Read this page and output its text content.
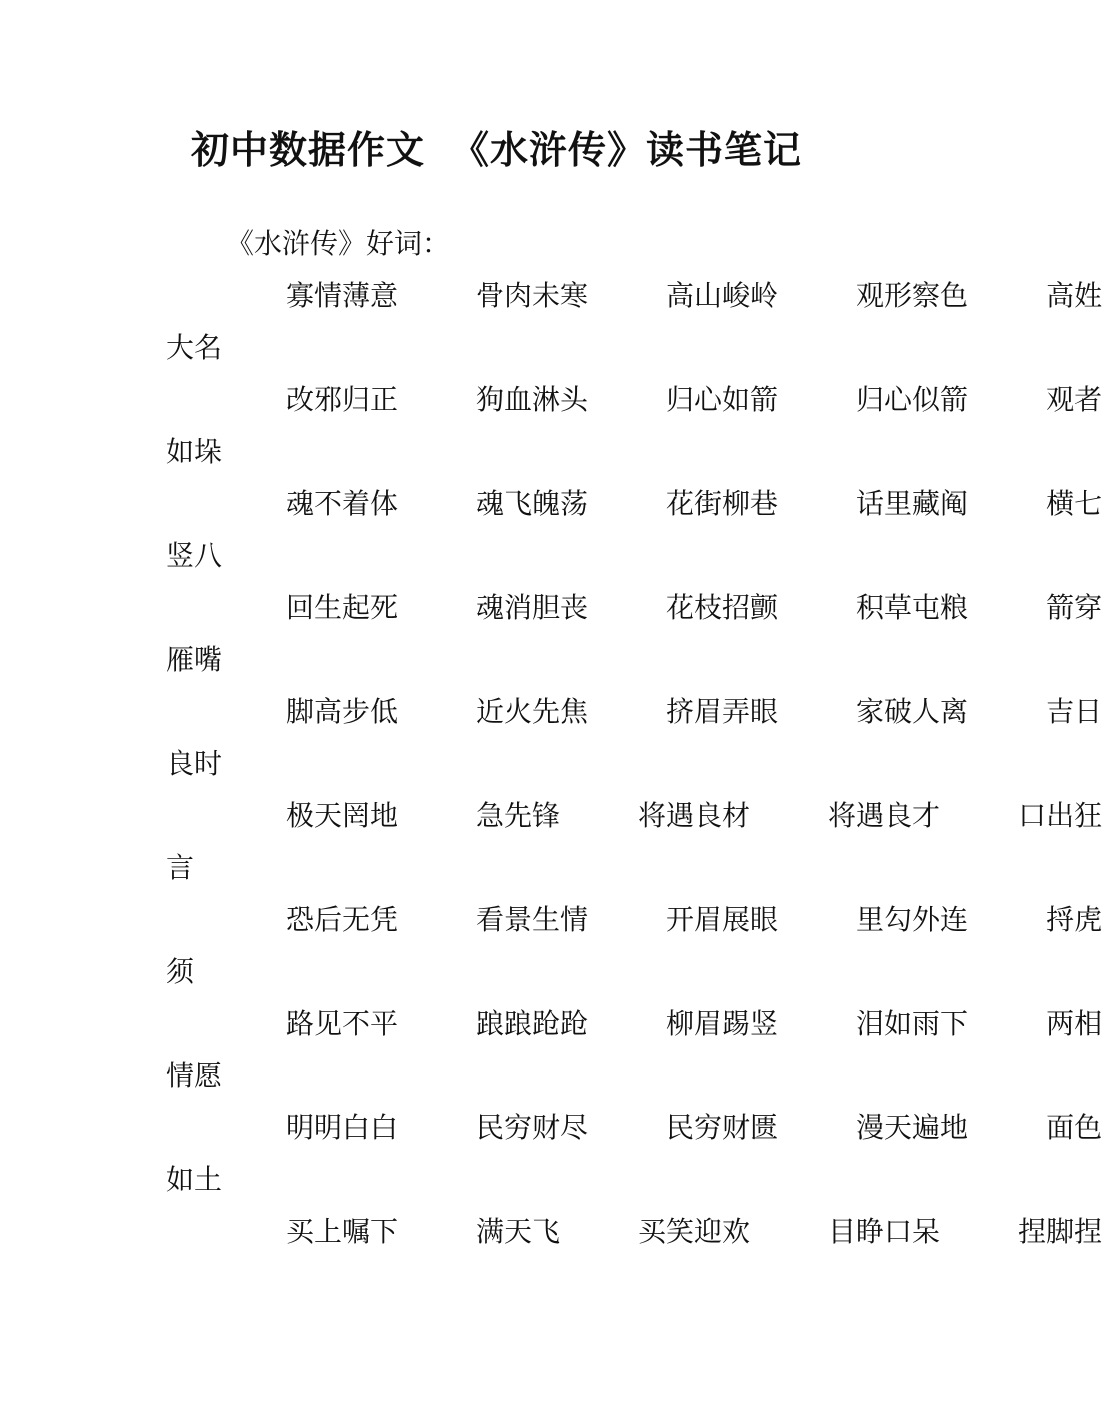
初中数据作文 《水浒传》读书笔记

《水浒传》好词：

寡情薄意	骨肉未寒	高山峻岭	观形察色	高姓

大名

改邪归正	狗血淋头	归心如箭	归心似箭	观者

如垛

魂不着体	魂飞魄荡	花街柳巷	话里藏阄	横七

竖八

回生起死	魂消胆丧	花枝招颤	积草屯粮	箭穿

雁嘴

脚高步低	近火先焦	挤眉弄眼	家破人离	吉日

良时

极天罔地	急先锋	将遇良材	将遇良才	口出狂

言

恐后无凭	看景生情	开眉展眼	里勾外连	捋虎

须

路见不平	踉踉跄跄	柳眉踢竖	泪如雨下	两相

情愿

明明白白	民穷财尽	民穷财匮	漫天遍地	面色

如土

买上嘱下	满天飞	买笑迎欢	目睁口呆	捏脚捏
